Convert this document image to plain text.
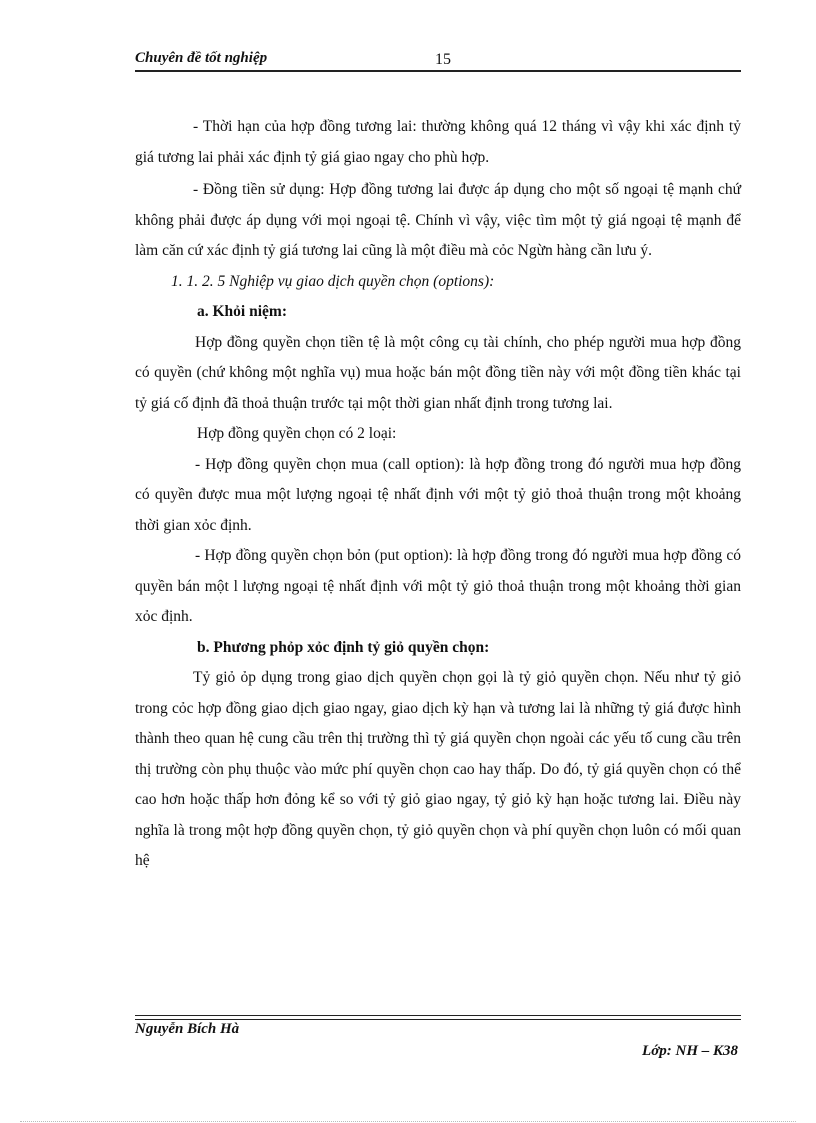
Chuyên đề tốt nghiệp	15

- Thời hạn của hợp đồng tương lai: thường không quá 12 tháng vì vậy khi xác định tỷ giá tương lai phải xác định tỷ giá giao ngay cho phù hợp.

- Đồng tiền sử dụng: Hợp đồng tương lai được áp dụng cho một số ngoại tệ mạnh chứ không phải được áp dụng với mọi ngoại tệ. Chính vì vậy, việc tìm một tỷ giá ngoại tệ mạnh để làm căn cứ xác định tỷ giá tương lai cũng là một điều mà cỏc Ngừn hàng cần lưu ý.

1. 1. 2. 5 Nghiệp vụ giao dịch quyền chọn (options):

a. Khỏi niệm:

Hợp đồng quyền chọn tiền tệ là một công cụ tài chính, cho phép người mua hợp đồng có quyền (chứ không một nghĩa vụ) mua hoặc bán một đồng tiền này với một đồng tiền khác tại tỷ giá cố định đã thoả thuận trước tại một thời gian nhất định trong tương lai.

Hợp đồng quyền chọn có 2 loại:

- Hợp đồng quyền chọn mua (call option): là hợp đồng trong đó người mua hợp đồng có quyền được mua một lượng ngoại tệ nhất định với một tỷ giỏ thoả thuận trong một khoảng thời gian xỏc định.

- Hợp đồng quyền chọn bỏn (put option): là hợp đồng trong đó người mua hợp đồng có quyền bán một l lượng ngoại tệ nhất định với một tỷ giỏ thoả thuận trong một khoảng thời gian xỏc định.

b. Phương phỏp xỏc định tỷ giỏ quyền chọn:

Tỷ giỏ ỏp dụng trong giao dịch quyền chọn gọi là tỷ giỏ quyền chọn. Nếu như tỷ giỏ trong cỏc hợp đồng giao dịch giao ngay, giao dịch kỳ hạn và tương lai là những tỷ giá được hình thành theo quan hệ cung cầu trên thị trường thì tỷ giá quyền chọn ngoài các yếu tố cung cầu trên thị trường còn phụ thuộc vào mức phí quyền chọn cao hay thấp. Do đó, tỷ giá quyền chọn có thể cao hơn hoặc thấp hơn đỏng kể so với tỷ giỏ giao ngay, tỷ giỏ kỳ hạn hoặc tương lai. Điều này nghĩa là trong một hợp đồng quyền chọn, tỷ giỏ quyền chọn và phí quyền chọn luôn có mối quan hệ

Nguyễn Bích Hà
Lớp: NH – K38
